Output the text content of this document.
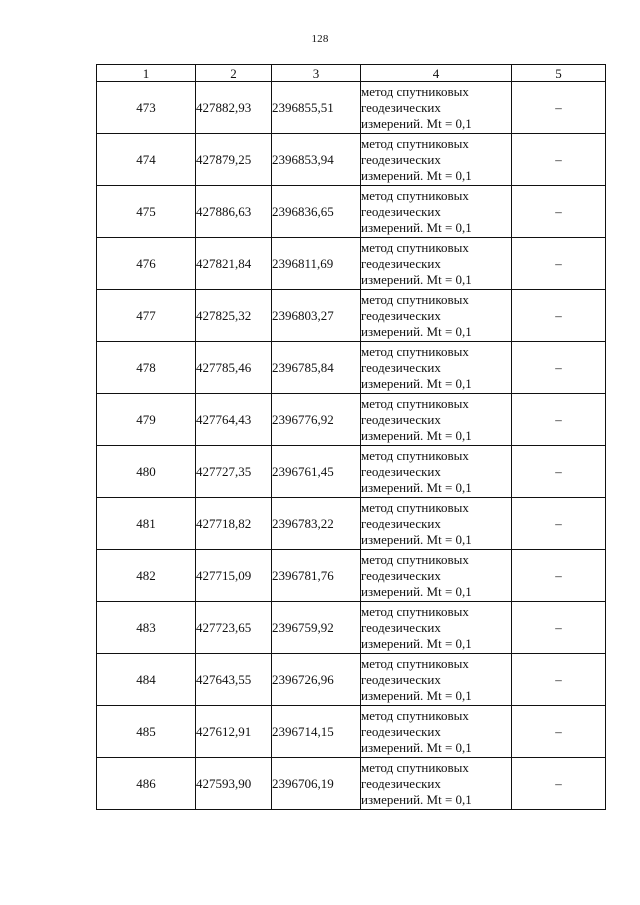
128
1	2	3	4	5
473	427882,93	2396855,51	метод спутниковых
геодезических
измерений. Mt = 0,1	–
474	427879,25	2396853,94	метод спутниковых
геодезических
измерений. Mt = 0,1	–
475	427886,63	2396836,65	метод спутниковых
геодезических
измерений. Mt = 0,1	–
476	427821,84	2396811,69	метод спутниковых
геодезических
измерений. Mt = 0,1	–
477	427825,32	2396803,27	метод спутниковых
геодезических
измерений. Mt = 0,1	–
478	427785,46	2396785,84	метод спутниковых
геодезических
измерений. Mt = 0,1	–
479	427764,43	2396776,92	метод спутниковых
геодезических
измерений. Mt = 0,1	–
480	427727,35	2396761,45	метод спутниковых
геодезических
измерений. Mt = 0,1	–
481	427718,82	2396783,22	метод спутниковых
геодезических
измерений. Mt = 0,1	–
482	427715,09	2396781,76	метод спутниковых
геодезических
измерений. Mt = 0,1	–
483	427723,65	2396759,92	метод спутниковых
геодезических
измерений. Mt = 0,1	–
484	427643,55	2396726,96	метод спутниковых
геодезических
измерений. Mt = 0,1	–
485	427612,91	2396714,15	метод спутниковых
геодезических
измерений. Mt = 0,1	–
486	427593,90	2396706,19	метод спутниковых
геодезических
измерений. Mt = 0,1	–
